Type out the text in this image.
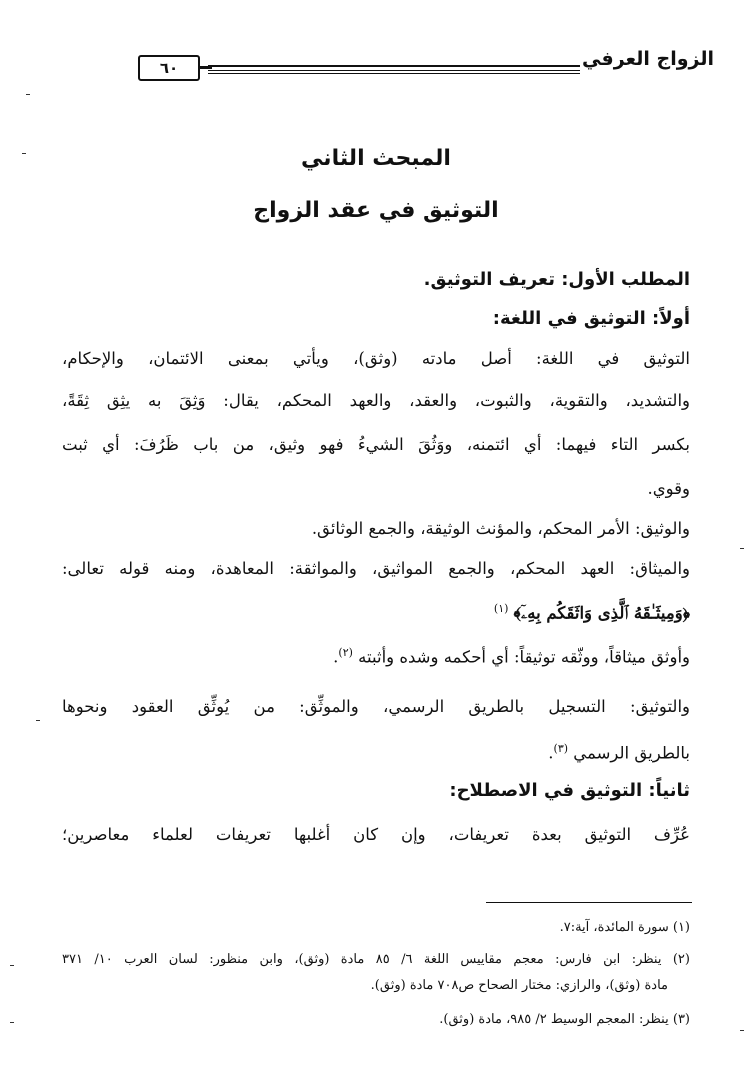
الزواج العرفي
٦٠
المبحث الثاني
التوثيق في عقد الزواج
المطلب الأول: تعريف التوثيق.
أولاً: التوثيق في اللغة:
التوثيق في اللغة: أصل مادته (وثق)، ويأتي بمعنى الائتمان، والإحكام،
والتشديد، والتقوية، والثبوت، والعقد، والعهد المحكم، يقال: وَثِقَ به يثِق ثِقَةً،
بكسر التاء فيهما: أي ائتمنه، ووَثُقَ الشيءُ فهو وثيق، من باب ظَرُفَ: أي ثبت
وقوي.
والوثيق: الأمر المحكم، والمؤنث الوثيقة، والجمع الوثائق.
والميثاق: العهد المحكم، والجمع المواثيق، والمواثقة: المعاهدة، ومنه قوله تعالى:
﴿وَمِيثَـٰقَهُ ٱلَّذِى وَاثَقَكُم بِهِۦٓ﴾ $^{(١)}$
وأوثق ميثاقاً، ووثّقه توثيقاً: أي أحكمه وشده وأثبته $^{(٢)}$.
والتوثيق: التسجيل بالطريق الرسمي، والموثِّق: من يُوثِّق العقود ونحوها
بالطريق الرسمي $^{(٣)}$.
ثانياً: التوثيق في الاصطلاح:
عُرِّف التوثيق بعدة تعريفات، وإن كان أغلبها تعريفات لعلماء معاصرين؛
(١) سورة المائدة، آية:٧.
(٢) ينظر: ابن فارس: معجم مقاييس اللغة ٦/ ٨٥ مادة (وثق)، وابن منظور: لسان العرب ١٠/ ٣٧١
مادة (وثق)، والرازي: مختار الصحاح ص٧٠٨ مادة (وثق).
(٣) ينظر: المعجم الوسيط ٢/ ٩٨٥، مادة (وثق).
